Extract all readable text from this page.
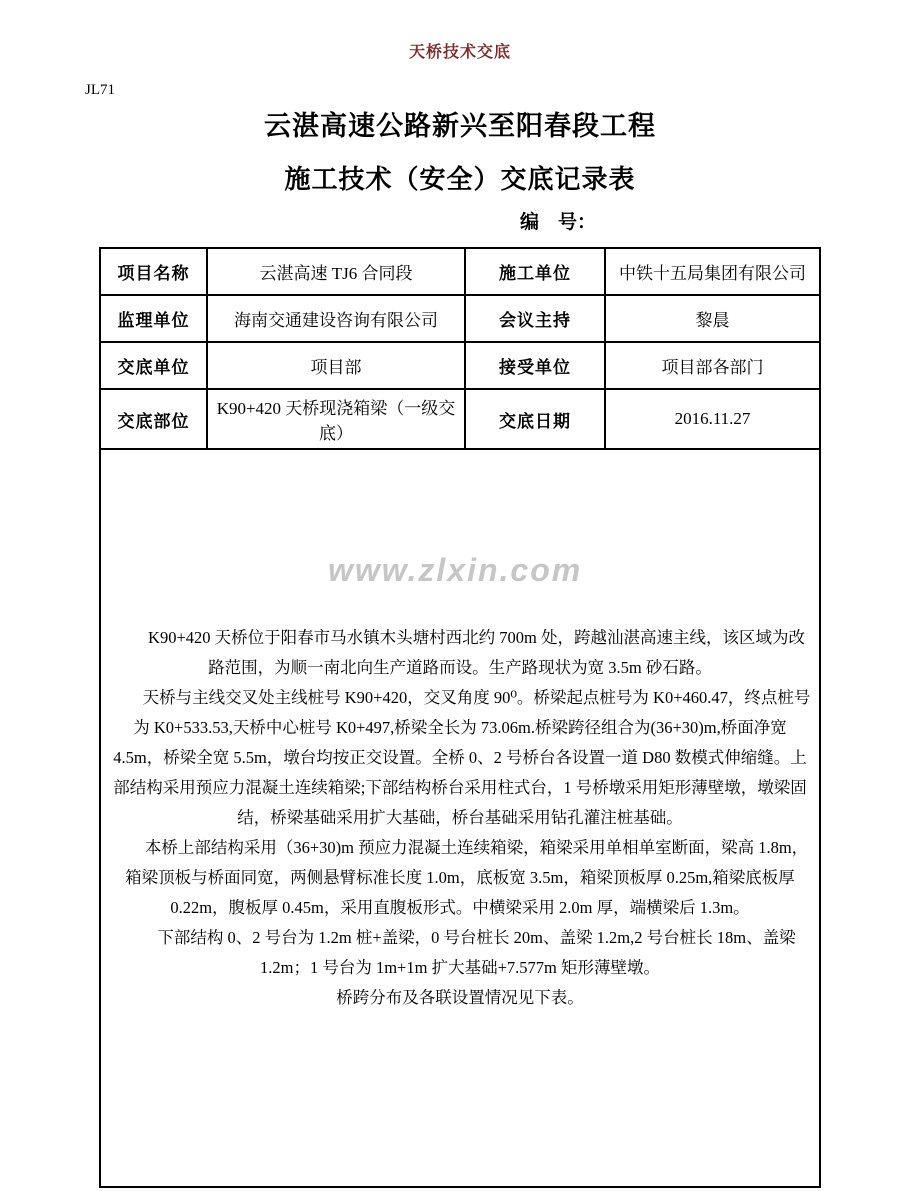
www.zlxin.com
天桥技术交底
JL71
云湛高速公路新兴至阳春段工程
施工技术（安全）交底记录表
编　号：
项目名称	云湛高速 TJ6 合同段	施工单位	中铁十五局集团有限公司
监理单位	海南交通建设咨询有限公司	会议主持	黎晨
交底单位	项目部	接受单位	项目部各部门
交底部位	K90+420 天桥现浇箱梁（一级交底）	交底日期	2016.11.27

K90+420 天桥位于阳春市马水镇木头塘村西北约 700m 处，跨越汕湛高速主线，该区域为改路范围，为顺一南北向生产道路而设。生产路现状为宽 3.5m 砂石路。

天桥与主线交叉处主线桩号 K90+420，交叉角度 90⁰。桥梁起点桩号为 K0+460.47，终点桩号为 K0+533.53,天桥中心桩号 K0+497,桥梁全长为 73.06m.桥梁跨径组合为(36+30)m,桥面净宽 4.5m，桥梁全宽 5.5m，墩台均按正交设置。全桥 0、2 号桥台各设置一道 D80 数模式伸缩缝。上部结构采用预应力混凝土连续箱梁;下部结构桥台采用柱式台，1 号桥墩采用矩形薄壁墩，墩梁固结，桥梁基础采用扩大基础，桥台基础采用钻孔灌注桩基础。

本桥上部结构采用（36+30)m 预应力混凝土连续箱梁，箱梁采用单相单室断面，梁高 1.8m，箱梁顶板与桥面同宽，两侧悬臂标准长度 1.0m，底板宽 3.5m，箱梁顶板厚 0.25m,箱梁底板厚 0.22m，腹板厚 0.45m，采用直腹板形式。中横梁采用 2.0m 厚，端横梁后 1.3m。

下部结构 0、2 号台为 1.2m 桩+盖梁，0 号台桩长 20m、盖梁 1.2m,2 号台桩长 18m、盖梁 1.2m；1 号台为 1m+1m 扩大基础+7.577m 矩形薄壁墩。

桥跨分布及各联设置情况见下表。			
